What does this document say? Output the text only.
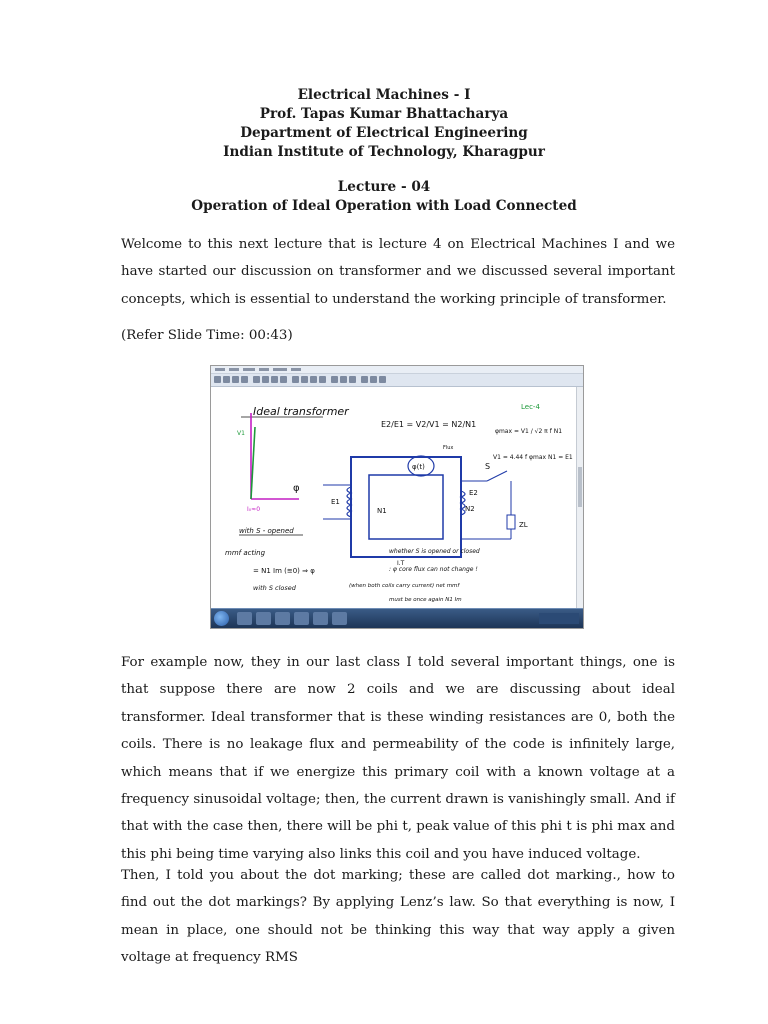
Electrical Machines - I
Prof. Tapas Kumar Bhattacharya
Department of Electrical Engineering
Indian Institute of Technology, Kharagpur
Lecture - 04
Operation of Ideal Operation with Load Connected
Welcome to this next lecture that is lecture 4 on Electrical Machines I and we have started our discussion on transformer and we discussed several important concepts, which is essential to understand the working principle of transformer.
(Refer Slide Time: 00:43)
Ideal transformer	Lec-4
V1
φ
I₀≈0
with S - opened
E2/E1 = V2/V1 = N2/N1
φmax = V1 / √2 π f N1
V1 = 4.44 f φmax N1 = E1
φ(t)
Flux
I.T
E1
N1	N2
E2
S
ZL
mmf acting
= N1 Im (≊0) ⇒ φ
whether S is opened or closed
: φ core flux can not change !
with S closed	(when both coils carry current) net mmf
must be once again N1 Im
For example now, they in our last class I told several important things, one is that suppose there are now 2 coils and we are discussing about ideal transformer. Ideal transformer that is these winding resistances are 0, both the coils. There is no leakage flux and permeability of the code is infinitely large, which means that if we energize this primary coil with a known voltage at a frequency sinusoidal voltage; then, the current drawn is vanishingly small. And if that with the case then, there will be phi t, peak value of this phi t is phi max and this phi being time varying also links this coil and you have induced voltage.
Then, I told you about the dot marking; these are called dot marking., how to find out the dot markings? By applying Lenz’s law. So that everything is now, I mean in place, one should not be thinking this way that way apply a given voltage at frequency RMS
